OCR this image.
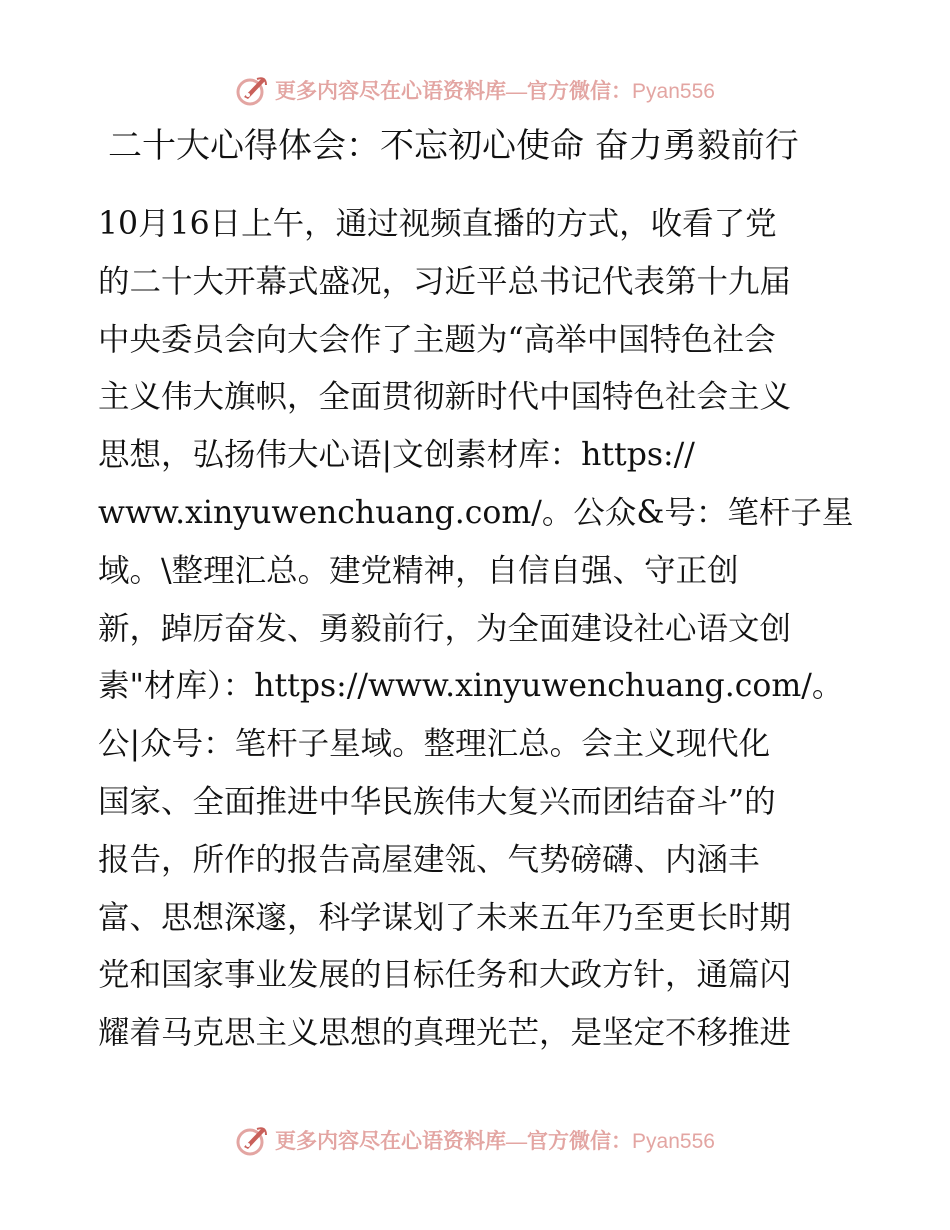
更多内容尽在心语资料库—官方微信：Pyan556
二十大心得体会：不忘初心使命 奋力勇毅前行
10月16日上午，通过视频直播的方式，收看了党
的二十大开幕式盛况，习近平总书记代表第十九届
中央委员会向大会作了主题为“高举中国特色社会
主义伟大旗帜，全面贯彻新时代中国特色社会主义
思想，弘扬伟大心语|文创素材库：https://
www.xinyuwenchuang.com/。公众&号：笔杆子星
域。\整理汇总。建党精神，自信自强、守正创
新，踔厉奋发、勇毅前行，为全面建设社心语文创
素"材库）：https://www.xinyuwenchuang.com/。
公|众号：笔杆子星域。整理汇总。会主义现代化
国家、全面推进中华民族伟大复兴而团结奋斗”的
报告，所作的报告高屋建瓴、气势磅礴、内涵丰
富、思想深邃，科学谋划了未来五年乃至更长时期
党和国家事业发展的目标任务和大政方针，通篇闪
耀着马克思主义思想的真理光芒，是坚定不移推进
更多内容尽在心语资料库—官方微信：Pyan556
